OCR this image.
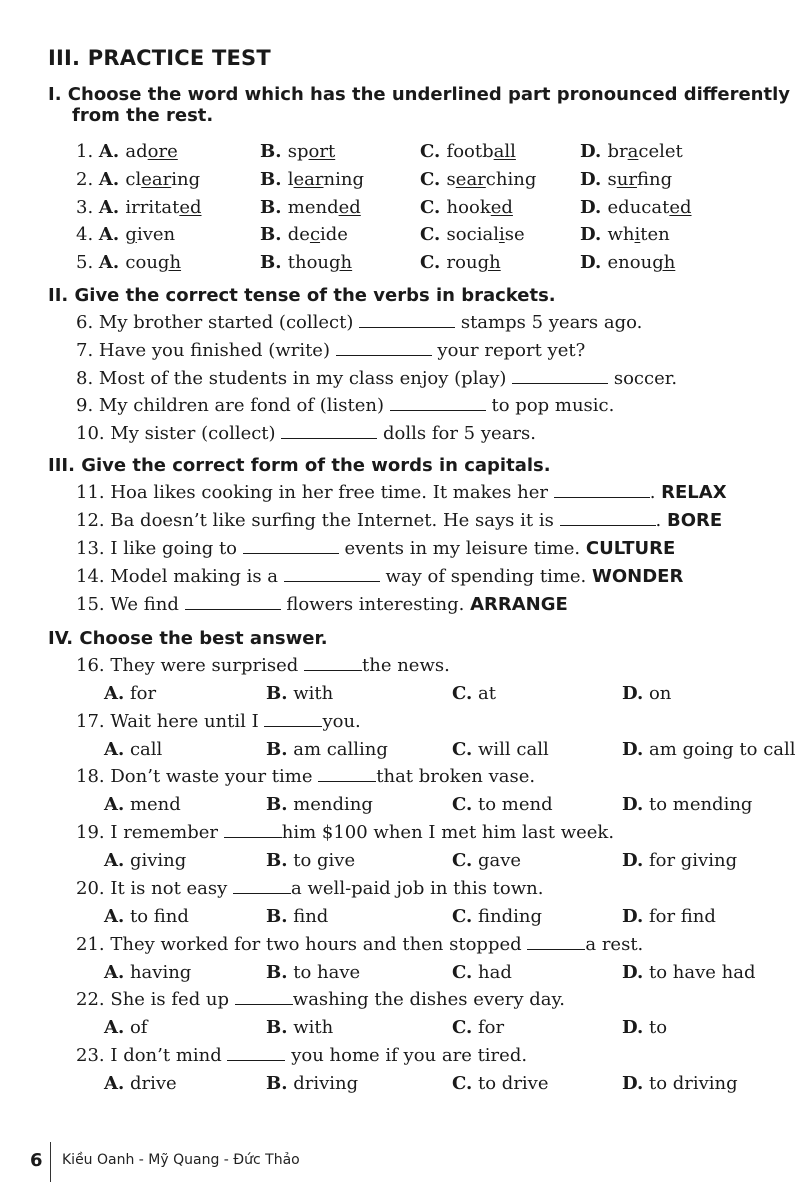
III. PRACTICE TEST
I. Choose the word which has the underlined part pronounced differently
from the rest.
1. A. adore	B. sport	C. football	D. bracelet
2. A. clearing	B. learning	C. searching D. surfing
3. A. irritated	B. mended	C. hooked	D. educated
4. A. given	B. decide	C. socialise	D. whiten
5. A. cough	B. though	C. rough	D. enough
II. Give the correct tense of the verbs in brackets.
6. My brother started (collect)	stamps 5 years ago.
7. Have you finished (write)	your report yet?
8. Most of the students in my class enjoy (play)	soccer.
9. My children are fond of (listen)	to pop music.
10. My sister (collect)	dolls for 5 years.
III. Give the correct form of the words in capitals.
11. Hoa likes cooking in her free time. It makes her	. RELAX
12. Ba doesn’t like surfing the Internet. He says it is	. BORE
13. I like going to	events in my leisure time. CULTURE
14. Model making is a	way of spending time. WONDER
15. We find	flowers interesting. ARRANGE
IV. Choose the best answer.
16. They were surprised	the news.
A. for	B. with	C. at	D. on
17. Wait here until I	you.
A. call	B. am calling	C. will call	D. am going to call
18. Don’t waste your time	that broken vase.
A. mend	B. mending	C. to mend	D. to mending
19. I remember	him $100 when I met him last week.
A. giving	B. to give	C. gave	D. for giving
20. It is not easy	a well-paid job in this town.
A. to find	B. find	C. finding	D. for find
21. They worked for two hours and then stopped	a rest.
A. having	B. to have	C. had	D. to have had
22. She is fed up	washing the dishes every day.
A. of	B. with	C. for	D. to
23. I don’t mind	you home if you are tired.
A. drive	B. driving	C. to drive	D. to driving
6 Kiều Oanh - Mỹ Quang - Đức Thảo
